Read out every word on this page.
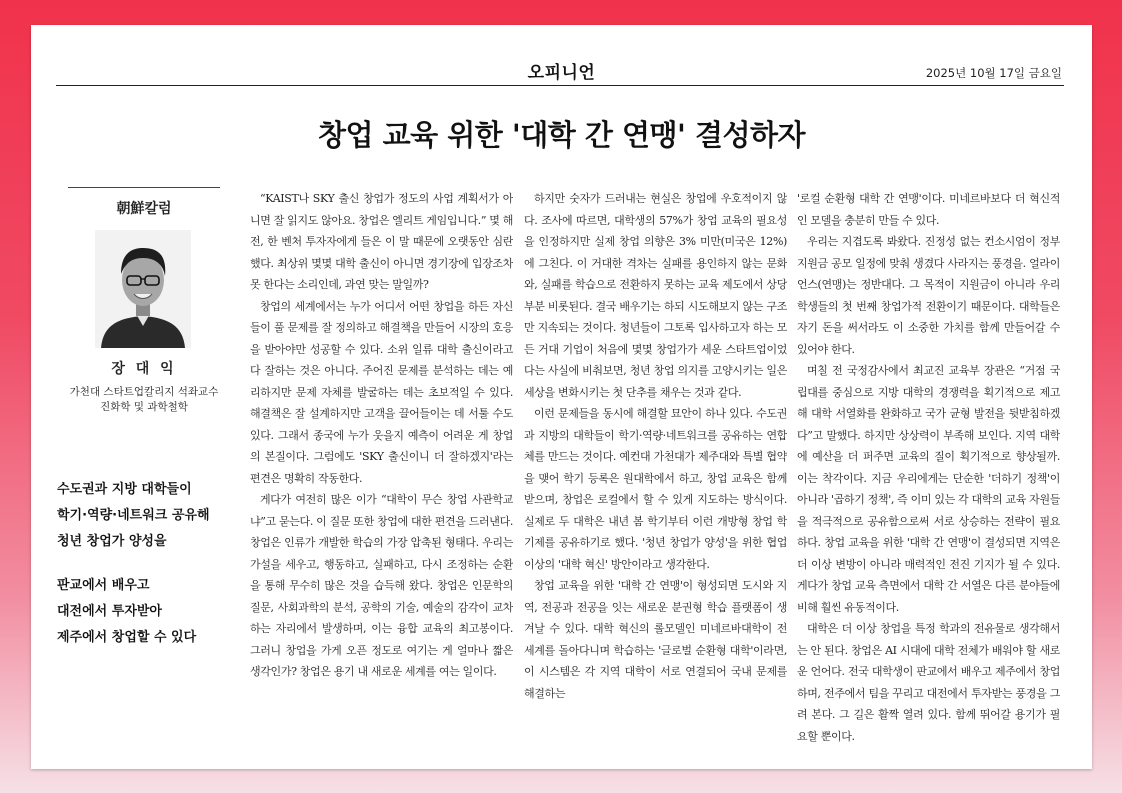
오피니언	2025년 10월 17일 금요일
창업 교육 위한 '대학 간 연맹' 결성하자
朝鮮칼럼
장 대 익
가천대 스타트업칼리지 석좌교수
진화학 및 과학철학
수도권과 지방 대학들이
학기·역량·네트워크 공유해
청년 창업가 양성을
판교에서 배우고
대전에서 투자받아
제주에서 창업할 수 있다

“KAIST나 SKY 출신 창업가 정도의 사업 계획서가 아니면 잘 읽지도 않아요. 창업은 엘리트 게임입니다.” 몇 해 전, 한 벤처 투자자에게 들은 이 말 때문에 오랫동안 심란했다. 최상위 몇몇 대학 출신이 아니면 경기장에 입장조차 못 한다는 소리인데, 과연 맞는 말일까?

창업의 세계에서는 누가 어디서 어떤 창업을 하든 자신들이 풀 문제를 잘 정의하고 해결책을 만들어 시장의 호응을 받아야만 성공할 수 있다. 소위 일류 대학 출신이라고 다 잘하는 것은 아니다. 주어진 문제를 분석하는 데는 예리하지만 문제 자체를 발굴하는 데는 초보적일 수 있다. 해결책은 잘 설계하지만 고객을 끌어들이는 데 서툴 수도 있다. 그래서 종국에 누가 웃을지 예측이 어려운 게 창업의 본질이다. 그럼에도 'SKY 출신이니 더 잘하겠지'라는 편견은 명확히 작동한다.

게다가 여전히 많은 이가 “대학이 무슨 창업 사관학교냐”고 묻는다. 이 질문 또한 창업에 대한 편견을 드러낸다. 창업은 인류가 개발한 학습의 가장 압축된 형태다. 우리는 가설을 세우고, 행동하고, 실패하고, 다시 조정하는 순환을 통해 무수히 많은 것을 습득해 왔다. 창업은 인문학의 질문, 사회과학의 분석, 공학의 기술, 예술의 감각이 교차하는 자리에서 발생하며, 이는 융합 교육의 최고봉이다. 그러니 창업을 가게 오픈 정도로 여기는 게 얼마나 짧은 생각인가? 창업은 용기 내 새로운 세계를 여는 일이다.

하지만 숫자가 드러내는 현실은 창업에 우호적이지 않다. 조사에 따르면, 대학생의 57%가 창업 교육의 필요성을 인정하지만 실제 창업 의향은 3% 미만(미국은 12%)에 그친다. 이 거대한 격차는 실패를 용인하지 않는 문화와, 실패를 학습으로 전환하지 못하는 교육 제도에서 상당 부분 비롯된다. 결국 배우기는 하되 시도해보지 않는 구조만 지속되는 것이다. 청년들이 그토록 입사하고자 하는 모든 거대 기업이 처음에 몇몇 창업가가 세운 스타트업이었다는 사실에 비춰보면, 청년 창업 의지를 고양시키는 일은 세상을 변화시키는 첫 단추를 채우는 것과 같다.

이런 문제들을 동시에 해결할 묘안이 하나 있다. 수도권과 지방의 대학들이 학기·역량·네트워크를 공유하는 연합체를 만드는 것이다. 예컨대 가천대가 제주대와 특별 협약을 맺어 학기 등록은 원대학에서 하고, 창업 교육은 함께 받으며, 창업은 로컬에서 할 수 있게 지도하는 방식이다. 실제로 두 대학은 내년 봄 학기부터 이런 개방형 창업 학기제를 공유하기로 했다. '청년 창업가 양성'을 위한 협업 이상의 '대학 혁신' 방안이라고 생각한다.

창업 교육을 위한 '대학 간 연맹'이 형성되면 도시와 지역, 전공과 전공을 잇는 새로운 분권형 학습 플랫폼이 생겨날 수 있다. 대학 혁신의 롤모델인 미네르바대학이 전 세계를 돌아다니며 학습하는 '글로벌 순환형 대학'이라면, 이 시스템은 각 지역 대학이 서로 연결되어 국내 문제를 해결하는

'로컬 순환형 대학 간 연맹'이다. 미네르바보다 더 혁신적인 모델을 충분히 만들 수 있다.

우리는 지겹도록 봐왔다. 진정성 없는 컨소시엄이 정부 지원금 공모 일정에 맞춰 생겼다 사라지는 풍경을. 얼라이언스(연맹)는 정반대다. 그 목적이 지원금이 아니라 우리 학생들의 첫 번째 창업가적 전환이기 때문이다. 대학들은 자기 돈을 써서라도 이 소중한 가치를 함께 만들어갈 수 있어야 한다.

며칠 전 국정감사에서 최교진 교육부 장관은 “거점 국립대를 중심으로 지방 대학의 경쟁력을 획기적으로 제고해 대학 서열화를 완화하고 국가 균형 발전을 뒷받침하겠다”고 말했다. 하지만 상상력이 부족해 보인다. 지역 대학에 예산을 더 퍼주면 교육의 질이 획기적으로 향상될까. 이는 착각이다. 지금 우리에게는 단순한 '더하기 정책'이 아니라 '곱하기 정책', 즉 이미 있는 각 대학의 교육 자원들을 적극적으로 공유함으로써 서로 상승하는 전략이 필요하다. 창업 교육을 위한 '대학 간 연맹'이 결성되면 지역은 더 이상 변방이 아니라 매력적인 전진 기지가 될 수 있다. 게다가 창업 교육 측면에서 대학 간 서열은 다른 분야들에 비해 훨씬 유동적이다.

대학은 더 이상 창업을 특정 학과의 전유물로 생각해서는 안 된다. 창업은 AI 시대에 대학 전체가 배워야 할 새로운 언어다. 전국 대학생이 판교에서 배우고 제주에서 창업하며, 전주에서 팀을 꾸리고 대전에서 투자받는 풍경을 그려 본다. 그 길은 활짝 열려 있다. 함께 뛰어갈 용기가 필요할 뿐이다.
